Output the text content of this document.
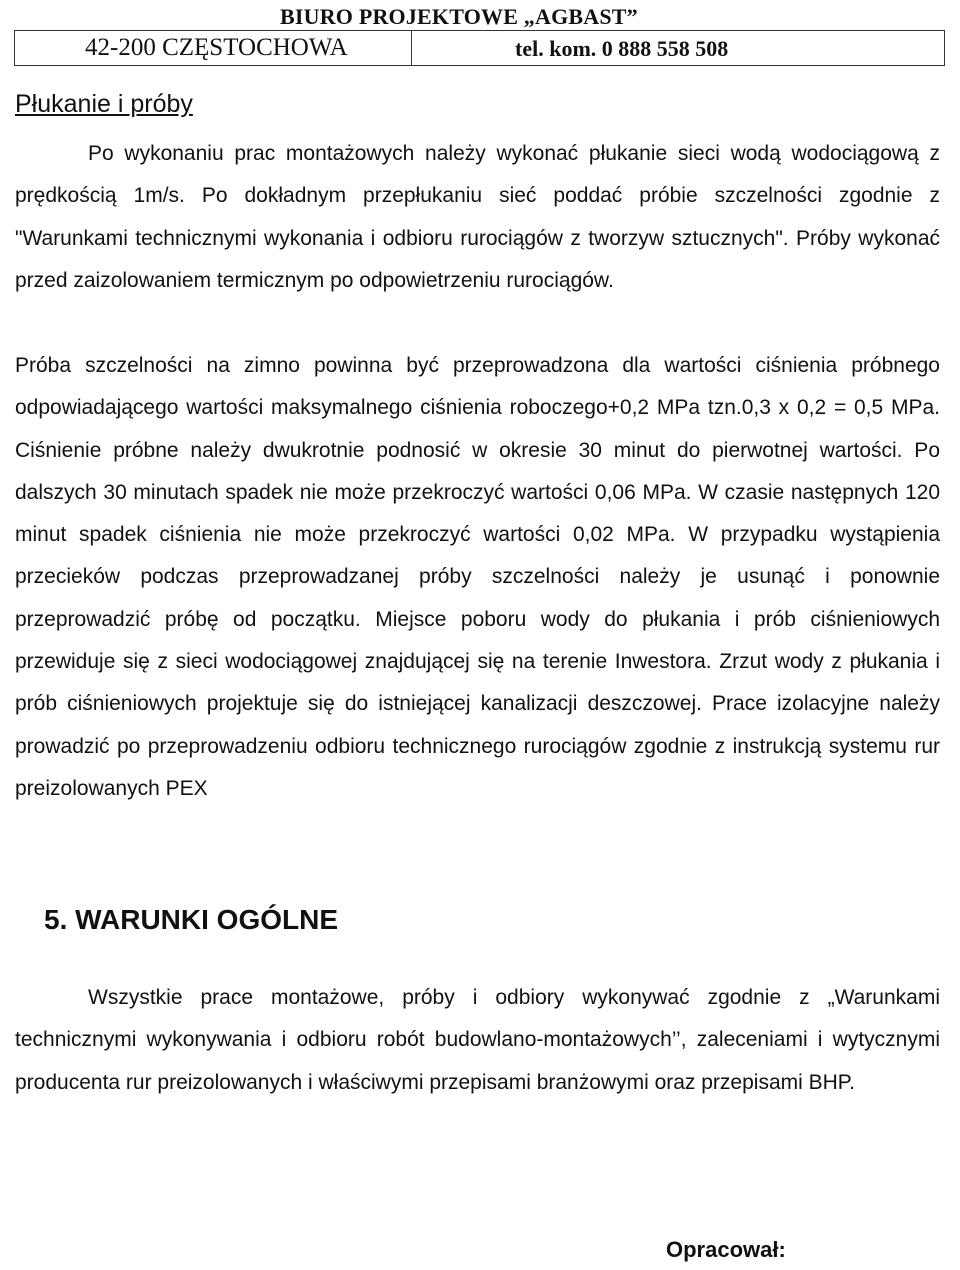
BIURO PROJEKTOWE „AGBAST”
42-200 CZĘSTOCHOWA	tel. kom. 0 888 558 508
Płukanie i próby

Po wykonaniu prac montażowych należy wykonać płukanie sieci wodą wodociągową z prędkością 1m/s. Po dokładnym przepłukaniu sieć poddać próbie szczelności zgodnie z "Warunkami technicznymi wykonania i odbioru rurociągów z tworzyw sztucznych". Próby wykonać przed zaizolowaniem termicznym po odpowietrzeniu rurociągów.

Próba szczelności na zimno powinna być przeprowadzona dla wartości ciśnienia próbnego odpowiadającego wartości maksymalnego ciśnienia roboczego+0,2 MPa tzn.0,3 x 0,2 = 0,5 MPa. Ciśnienie próbne należy dwukrotnie podnosić w okresie 30 minut do pierwotnej wartości. Po dalszych 30 minutach spadek nie może przekroczyć wartości 0,06 MPa. W czasie następnych 120 minut spadek ciśnienia nie może przekroczyć wartości 0,02 MPa. W przypadku wystąpienia przecieków podczas przeprowadzanej próby szczelności należy je usunąć i ponownie przeprowadzić próbę od początku. Miejsce poboru wody do płukania i prób ciśnieniowych przewiduje się z sieci wodociągowej znajdującej się na terenie Inwestora. Zrzut wody z płukania i prób ciśnieniowych projektuje się do istniejącej kanalizacji deszczowej. Prace izolacyjne należy prowadzić po przeprowadzeniu odbioru technicznego rurociągów zgodnie z instrukcją systemu rur preizolowanych PEX

5. WARUNKI OGÓLNE

Wszystkie prace montażowe, próby i odbiory wykonywać zgodnie z „Warunkami technicznymi wykonywania i odbioru robót budowlano-montażowych’’, zaleceniami i wytycznymi producenta rur preizolowanych i właściwymi przepisami branżowymi oraz przepisami BHP.

Opracował:
